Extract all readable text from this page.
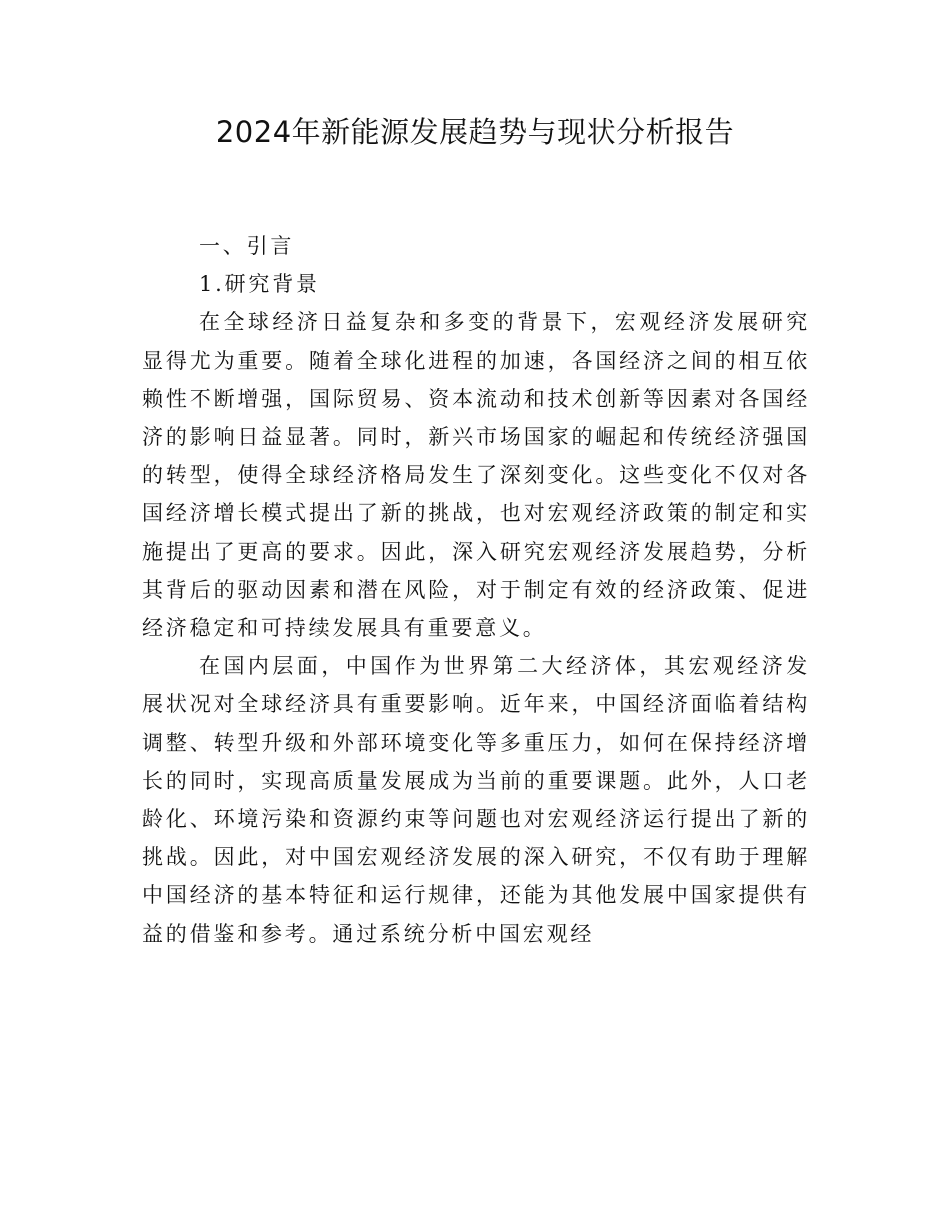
2024年新能源发展趋势与现状分析报告

一、引言

1.研究背景

在全球经济日益复杂和多变的背景下，宏观经济发展研究显得尤为重要。随着全球化进程的加速，各国经济之间的相互依赖性不断增强，国际贸易、资本流动和技术创新等因素对各国经济的影响日益显著。同时，新兴市场国家的崛起和传统经济强国的转型，使得全球经济格局发生了深刻变化。这些变化不仅对各国经济增长模式提出了新的挑战，也对宏观经济政策的制定和实施提出了更高的要求。因此，深入研究宏观经济发展趋势，分析其背后的驱动因素和潜在风险，对于制定有效的经济政策、促进经济稳定和可持续发展具有重要意义。

在国内层面，中国作为世界第二大经济体，其宏观经济发展状况对全球经济具有重要影响。近年来，中国经济面临着结构调整、转型升级和外部环境变化等多重压力，如何在保持经济增长的同时，实现高质量发展成为当前的重要课题。此外，人口老龄化、环境污染和资源约束等问题也对宏观经济运行提出了新的挑战。因此，对中国宏观经济发展的深入研究，不仅有助于理解中国经济的基本特征和运行规律，还能为其他发展中国家提供有益的借鉴和参考。通过系统分析中国宏观经
